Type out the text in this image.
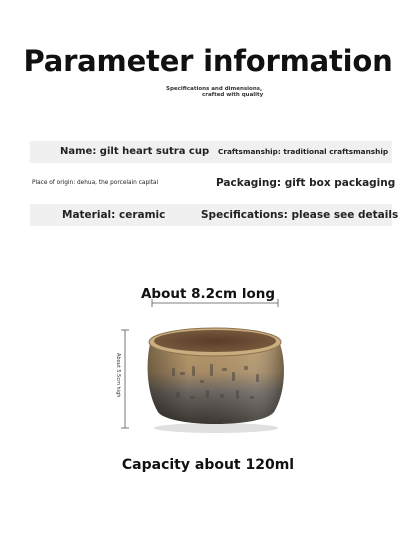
Parameter information
Specifications and dimensions,
crafted with quality
Name: gilt heart sutra cup Craftsmanship: traditional craftsmanship
Place of origin: dehua, the porcelain capital	Packaging: gift box packaging
Material: ceramic	Specifications: please see details
About 8.2cm long
About 5.5cm high
Capacity about 120ml
